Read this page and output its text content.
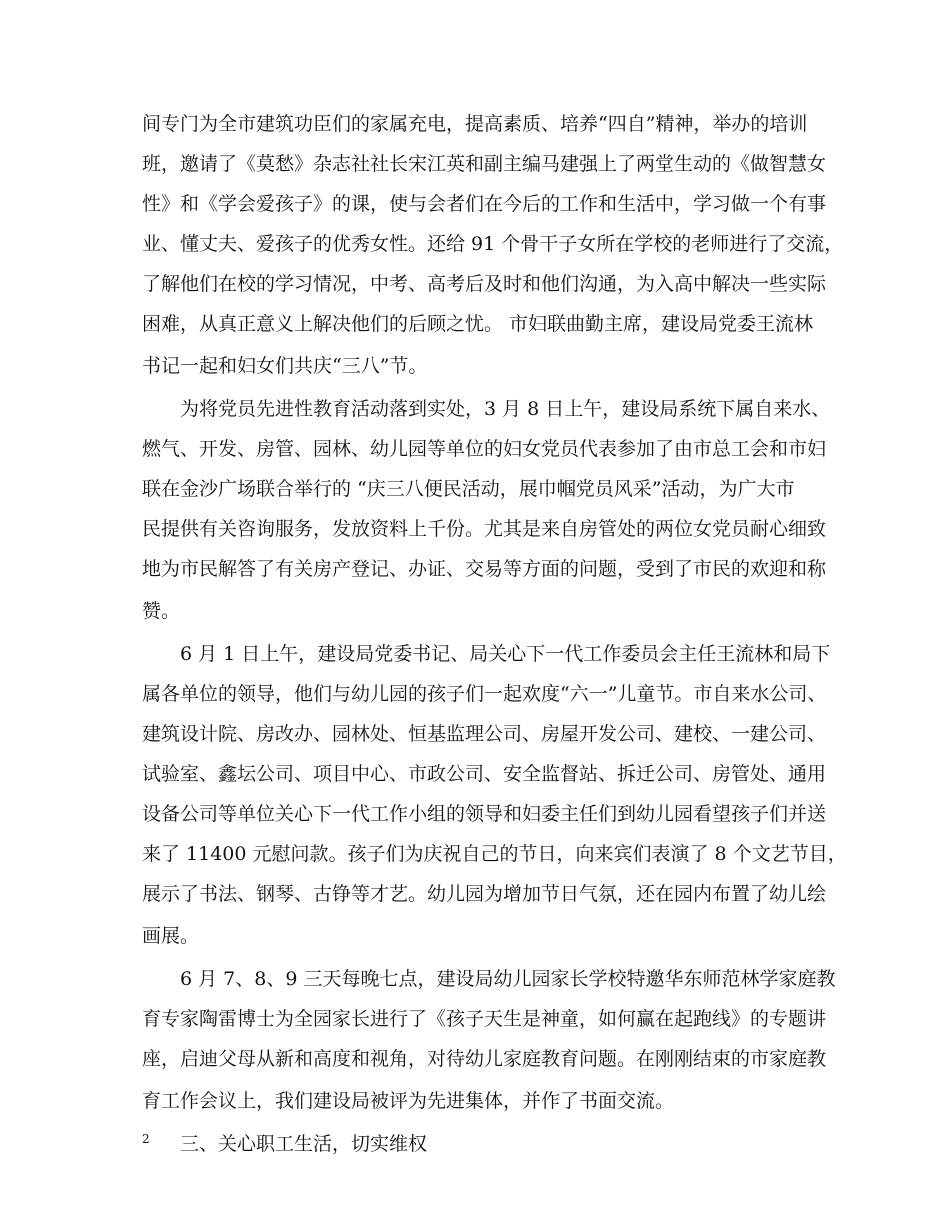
间专门为全市建筑功臣们的家属充电，提高素质、培养“四自”精神，举办的培训
班，邀请了《莫愁》杂志社社长宋江英和副主编马建强上了两堂生动的《做智慧女
性》和《学会爱孩子》的课，使与会者们在今后的工作和生活中，学习做一个有事
业、懂丈夫、爱孩子的优秀女性。还给 91 个骨干子女所在学校的老师进行了交流，
了解他们在校的学习情况，中考、高考后及时和他们沟通，为入高中解决一些实际
困难，从真正意义上解决他们的后顾之忧。 市妇联曲勤主席，建设局党委王流林
书记一起和妇女们共庆“三八”节。
为将党员先进性教育活动落到实处，3 月 8 日上午，建设局系统下属自来水、
燃气、开发、房管、园林、幼儿园等单位的妇女党员代表参加了由市总工会和市妇
联在金沙广场联合举行的 “庆三八便民活动，展巾帼党员风采”活动，为广大市
民提供有关咨询服务，发放资料上千份。尤其是来自房管处的两位女党员耐心细致
地为市民解答了有关房产登记、办证、交易等方面的问题，受到了市民的欢迎和称
赞。
6 月 1 日上午，建设局党委书记、局关心下一代工作委员会主任王流林和局下
属各单位的领导，他们与幼儿园的孩子们一起欢度“六一”儿童节。市自来水公司、
建筑设计院、房改办、园林处、恒基监理公司、房屋开发公司、建校、一建公司、
试验室、鑫坛公司、项目中心、市政公司、安全监督站、拆迁公司、房管处、通用
设备公司等单位关心下一代工作小组的领导和妇委主任们到幼儿园看望孩子们并送
来了 11400 元慰问款。孩子们为庆祝自己的节日，向来宾们表演了 8 个文艺节目，
展示了书法、钢琴、古铮等才艺。幼儿园为增加节日气氛，还在园内布置了幼儿绘
画展。
6 月 7、8、9 三天每晚七点，建设局幼儿园家长学校特邀华东师范林学家庭教
育专家陶雷博士为全园家长进行了《孩子天生是神童，如何赢在起跑线》的专题讲
座，启迪父母从新和高度和视角，对待幼儿家庭教育问题。在刚刚结束的市家庭教
育工作会议上，我们建设局被评为先进集体，并作了书面交流。
三、关心职工生活，切实维权
2
